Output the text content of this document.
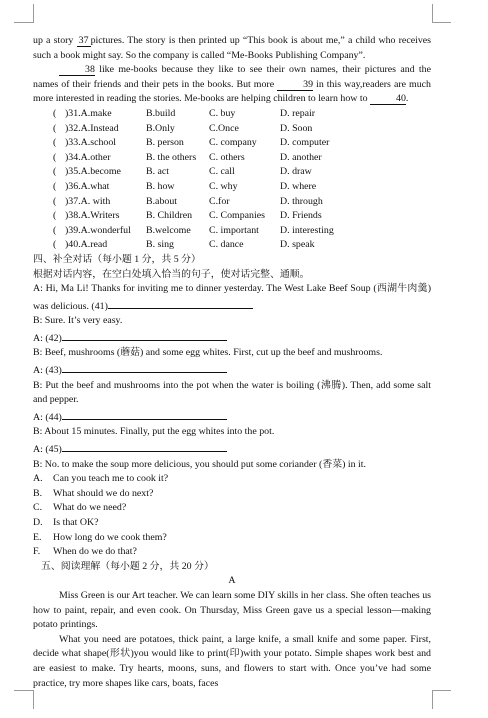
up a story 37pictures. The story is then printed up “This book is about me,” a child who receives such a book might say. So the company is called “Me-Books Publishing Company”.

38 like me-books because they like to see their own names, their pictures and the names of their friends and their pets in the books. But more	39 in this way,readers are much more interested in reading the stories. Me-books are helping children to learn how to	40.

( )31.A.make	B.build	C. buy	D. repair
( )32.A.Instead	B.Only	C.Once	D. Soon
( )33.A.school	B. person	C. company	D. computer
( )34.A.other	B. the others	C. others	D. another
( )35.A.become	B. act	C. call	D. draw
( )36.A.what	B. how	C. why	D. where
( )37.A. with	B.about	C.for	D. through
( )38.A.Writers	B. Children	C. Companies	D. Friends
( )39.A.wonderful	B.welcome	C. important	D. interesting
( )40.A.read	B. sing	C. dance	D. speak

四、补全对话（每小题 1 分，共 5 分）

根据对话内容，在空白处填入恰当的句子，使对话完整、通顺。

A: Hi, Ma Li! Thanks for inviting me to dinner yesterday. The West Lake Beef Soup (西湖牛肉羹) was delicious. (41)

B: Sure. It’s very easy.

A: (42)

B: Beef, mushrooms (蘑菇) and some egg whites. First, cut up the beef and mushrooms.

A: (43)

B: Put the beef and mushrooms into the pot when the water is boiling (沸腾). Then, add some salt and pepper.

A: (44)

B: About 15 minutes. Finally, put the egg whites into the pot.

A: (45)

B: No. to make the soup more delicious, you should put some coriander (香菜) in it.

A.	Can you teach me to cook it?
B.	What should we do next?
C.	What do we need?
D.	Is that OK?
E.	How long do we cook them?
F.	When do we do that?

五、阅读理解（每小题 2 分，共 20 分）

A

Miss Green is our Art teacher. We can learn some DIY skills in her class. She often teaches us how to paint, repair, and even cook. On Thursday, Miss Green gave us a special lesson—making potato printings.

What you need are potatoes, thick paint, a large knife, a small knife and some paper. First, decide what shape(形状)you would like to print(印)with your potato. Simple shapes work best and are easiest to make. Try hearts, moons, suns, and flowers to start with. Once you’ve had some practice, try more shapes like cars, boats, faces
